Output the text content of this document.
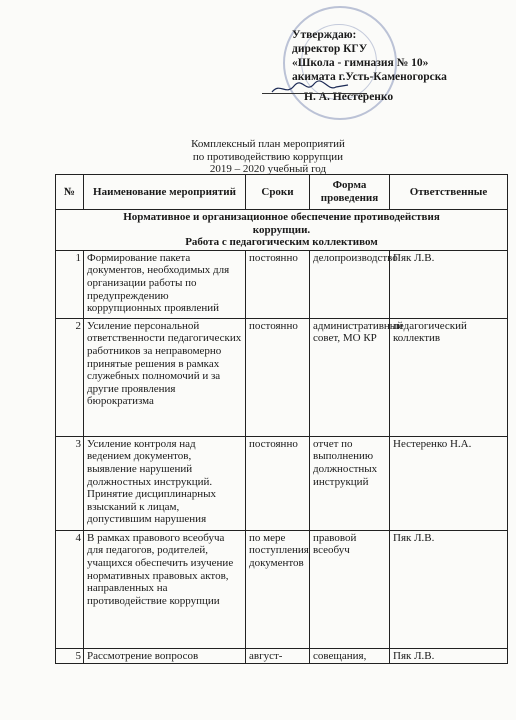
Утверждаю:
директор КГУ
«Школа - гимназия № 10»
акимата г.Усть-Каменогорска
Н. А. Нестеренко
Комплексный план мероприятий
по противодействию коррупции
2019 – 2020 учебный год
№	Наименование мероприятий	Сроки	Форма проведения	Ответственные

Нормативное и организационное обеспечение противодействия
коррупции.
Работа с педагогическим коллективом				

1	Формирование пакета документов, необходимых для организации работы по предупреждению коррупционных проявлений	постоянно	делопроизводство	Пяк Л.В.
2	Усиление персональной ответственности педагогических работников за неправомерно принятые решения в рамках служебных полномочий и за другие проявления бюрократизма	постоянно	административный совет, МО КР	педагогический коллектив
3	Усиление контроля над ведением документов, выявление нарушений должностных инструкций. Принятие дисциплинарных взысканий к лицам, допустившим нарушения	постоянно	отчет по выполнению должностных инструкций	Нестеренко Н.А.
4	В рамках правового всеобуча для педагогов, родителей, учащихся обеспечить изучение нормативных правовых актов, направленных на противодействие коррупции	по мере поступления документов	правовой всеобуч	Пяк Л.В.
5	Рассмотрение вопросов	август-	совещания,	Пяк Л.В.
